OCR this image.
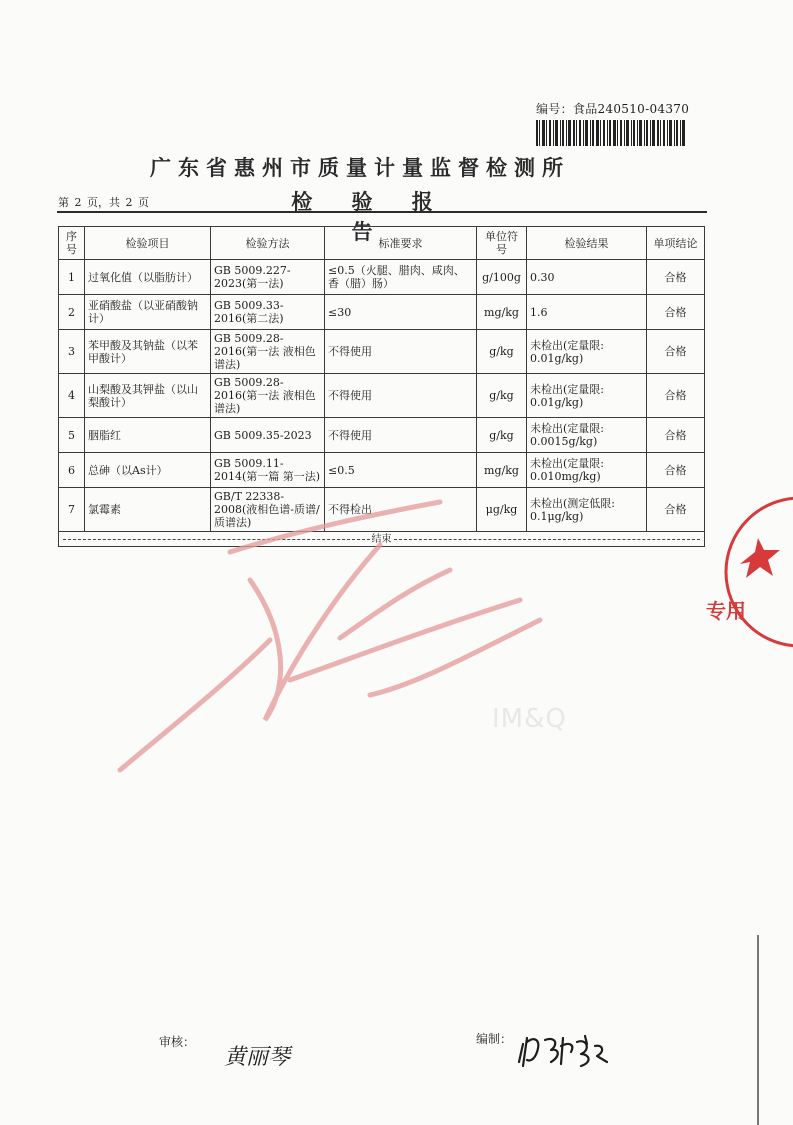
编号：食品240510-04370
广东省惠州市质量计量监督检测所
第 2 页，共 2 页	检 验 报 告
序号	检验项目	检验方法	标准要求	单位符号	检验结果	单项结论
1	过氧化值（以脂肪计）	GB 5009.227-2023(第一法)	≤0.5（火腿、腊肉、咸肉、香（腊）肠）	g/100g	0.30	合格
2	亚硝酸盐（以亚硝酸钠计）	GB 5009.33-2016(第二法)	≤30	mg/kg	1.6	合格
3	苯甲酸及其钠盐（以苯甲酸计）	GB 5009.28-2016(第一法 液相色谱法)	不得使用	g/kg	未检出(定量限: 0.01g/kg)	合格
4	山梨酸及其钾盐（以山梨酸计）	GB 5009.28-2016(第一法 液相色谱法)	不得使用	g/kg	未检出(定量限: 0.01g/kg)	合格
5	胭脂红	GB 5009.35-2023	不得使用	g/kg	未检出(定量限: 0.0015g/kg)	合格
6	总砷（以As计）	GB 5009.11-2014(第一篇 第一法)	≤0.5	mg/kg	未检出(定量限: 0.010mg/kg)	合格
7	氯霉素	GB/T 22338-2008(液相色谱-质谱/质谱法)	不得检出	μg/kg	未检出(测定低限: 0.1μg/kg)	合格

结束						
专用
IM&Q
审核：
黄丽琴
编制：
